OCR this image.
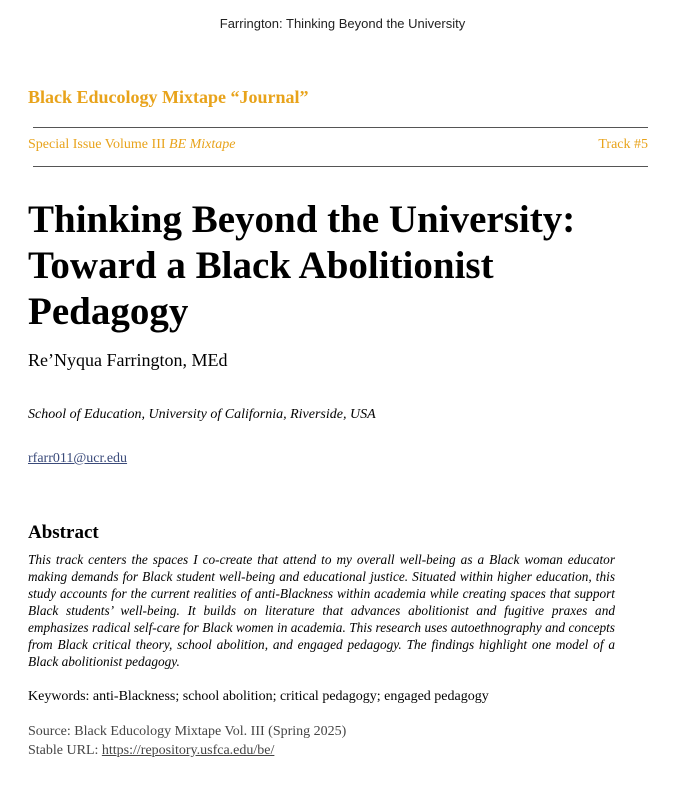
Farrington: Thinking Beyond the University
Black Educology Mixtape “Journal”
Special Issue Volume III BE Mixtape	Track #5
Thinking Beyond the University: Toward a Black Abolitionist Pedagogy
Re’Nyqua Farrington, MEd
School of Education, University of California, Riverside, USA
rfarr011@ucr.edu
Abstract

This track centers the spaces I co-create that attend to my overall well-being as a Black woman educator making demands for Black student well-being and educational justice. Situated within higher education, this study accounts for the current realities of anti-Blackness within academia while creating spaces that support Black students’ well-being. It builds on literature that advances abolitionist and fugitive praxes and emphasizes radical self-care for Black women in academia. This research uses autoethnography and concepts from Black critical theory, school abolition, and engaged pedagogy. The findings highlight one model of a Black abolitionist pedagogy.

Keywords: anti-Blackness; school abolition; critical pedagogy; engaged pedagogy
Source: Black Educology Mixtape Vol. III (Spring 2025)
Stable URL: https://repository.usfca.edu/be/
